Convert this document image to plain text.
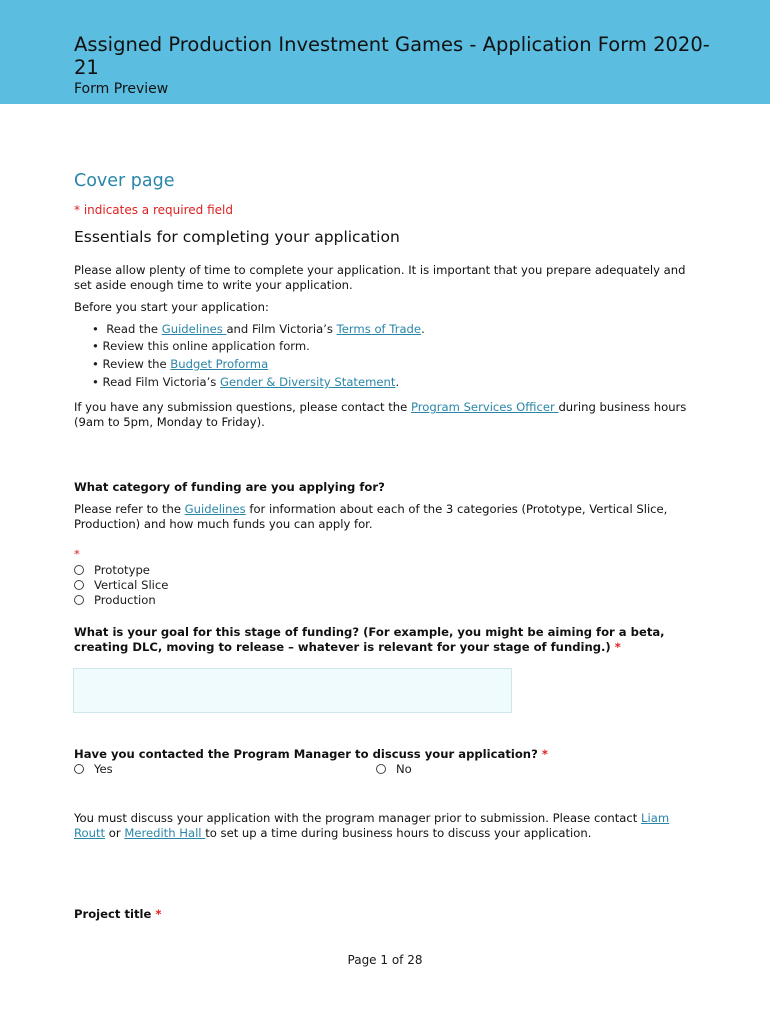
Assigned Production Investment Games - Application Form 2020-21
Form Preview
Cover page
* indicates a required field
Essentials for completing your application
Please allow plenty of time to complete your application. It is important that you prepare adequately and set aside enough time to write your application.
Before you start your application:
•  Read the Guidelines and Film Victoria’s Terms of Trade.
• Review this online application form.
• Review the Budget Proforma
• Read Film Victoria’s Gender & Diversity Statement.
If you have any submission questions, please contact the Program Services Officer during business hours (9am to 5pm, Monday to Friday).
What category of funding are you applying for?
Please refer to the Guidelines for information about each of the 3 categories (Prototype, Vertical Slice, Production) and how much funds you can apply for.
*
Prototype
Vertical Slice
Production
What is your goal for this stage of funding? (For example, you might be aiming for a beta, creating DLC, moving to release – whatever is relevant for your stage of funding.) *
Have you contacted the Program Manager to discuss your application? *
Yes	No
You must discuss your application with the program manager prior to submission. Please contact Liam Routt or Meredith Hall to set up a time during business hours to discuss your application.
Project title *
Page 1 of 28
